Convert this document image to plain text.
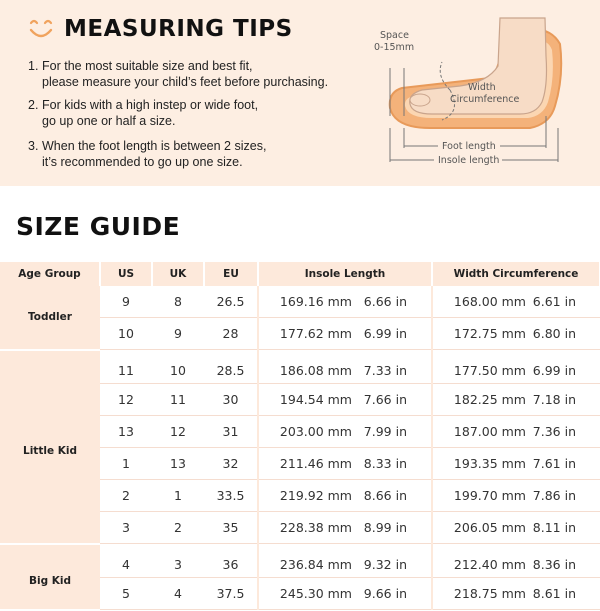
MEASURING TIPS
1. For the most suitable size and best fit,
please measure your child’s feet before purchasing.
2. For kids with a high instep or wide foot,
go up one or half a size.
3. When the foot length is between 2 sizes,
it’s recommended to go up one size.
Space
0-15mm
Width
Circumference
Foot length
Insole length
SIZE GUIDE
Age Group	US	UK	EU	Insole Length		Width Circumference	
Toddler	9	8	26.5	169.16 mm	6.66 in	168.00 mm	6.61 in
	10	9	28	177.62 mm	6.99 in	172.75 mm	6.80 in
Little Kid	11	10	28.5	186.08 mm	7.33 in	177.50 mm	6.99 in
	12	11	30	194.54 mm	7.66 in	182.25 mm	7.18 in
	13	12	31	203.00 mm	7.99 in	187.00 mm	7.36 in
	1	13	32	211.46 mm	8.33 in	193.35 mm	7.61 in
	2	1	33.5	219.92 mm	8.66 in	199.70 mm	7.86 in
	3	2	35	228.38 mm	8.99 in	206.05 mm	8.11 in
Big Kid	4	3	36	236.84 mm	9.32 in	212.40 mm	8.36 in
	5	4	37.5	245.30 mm	9.66 in	218.75 mm	8.61 in
